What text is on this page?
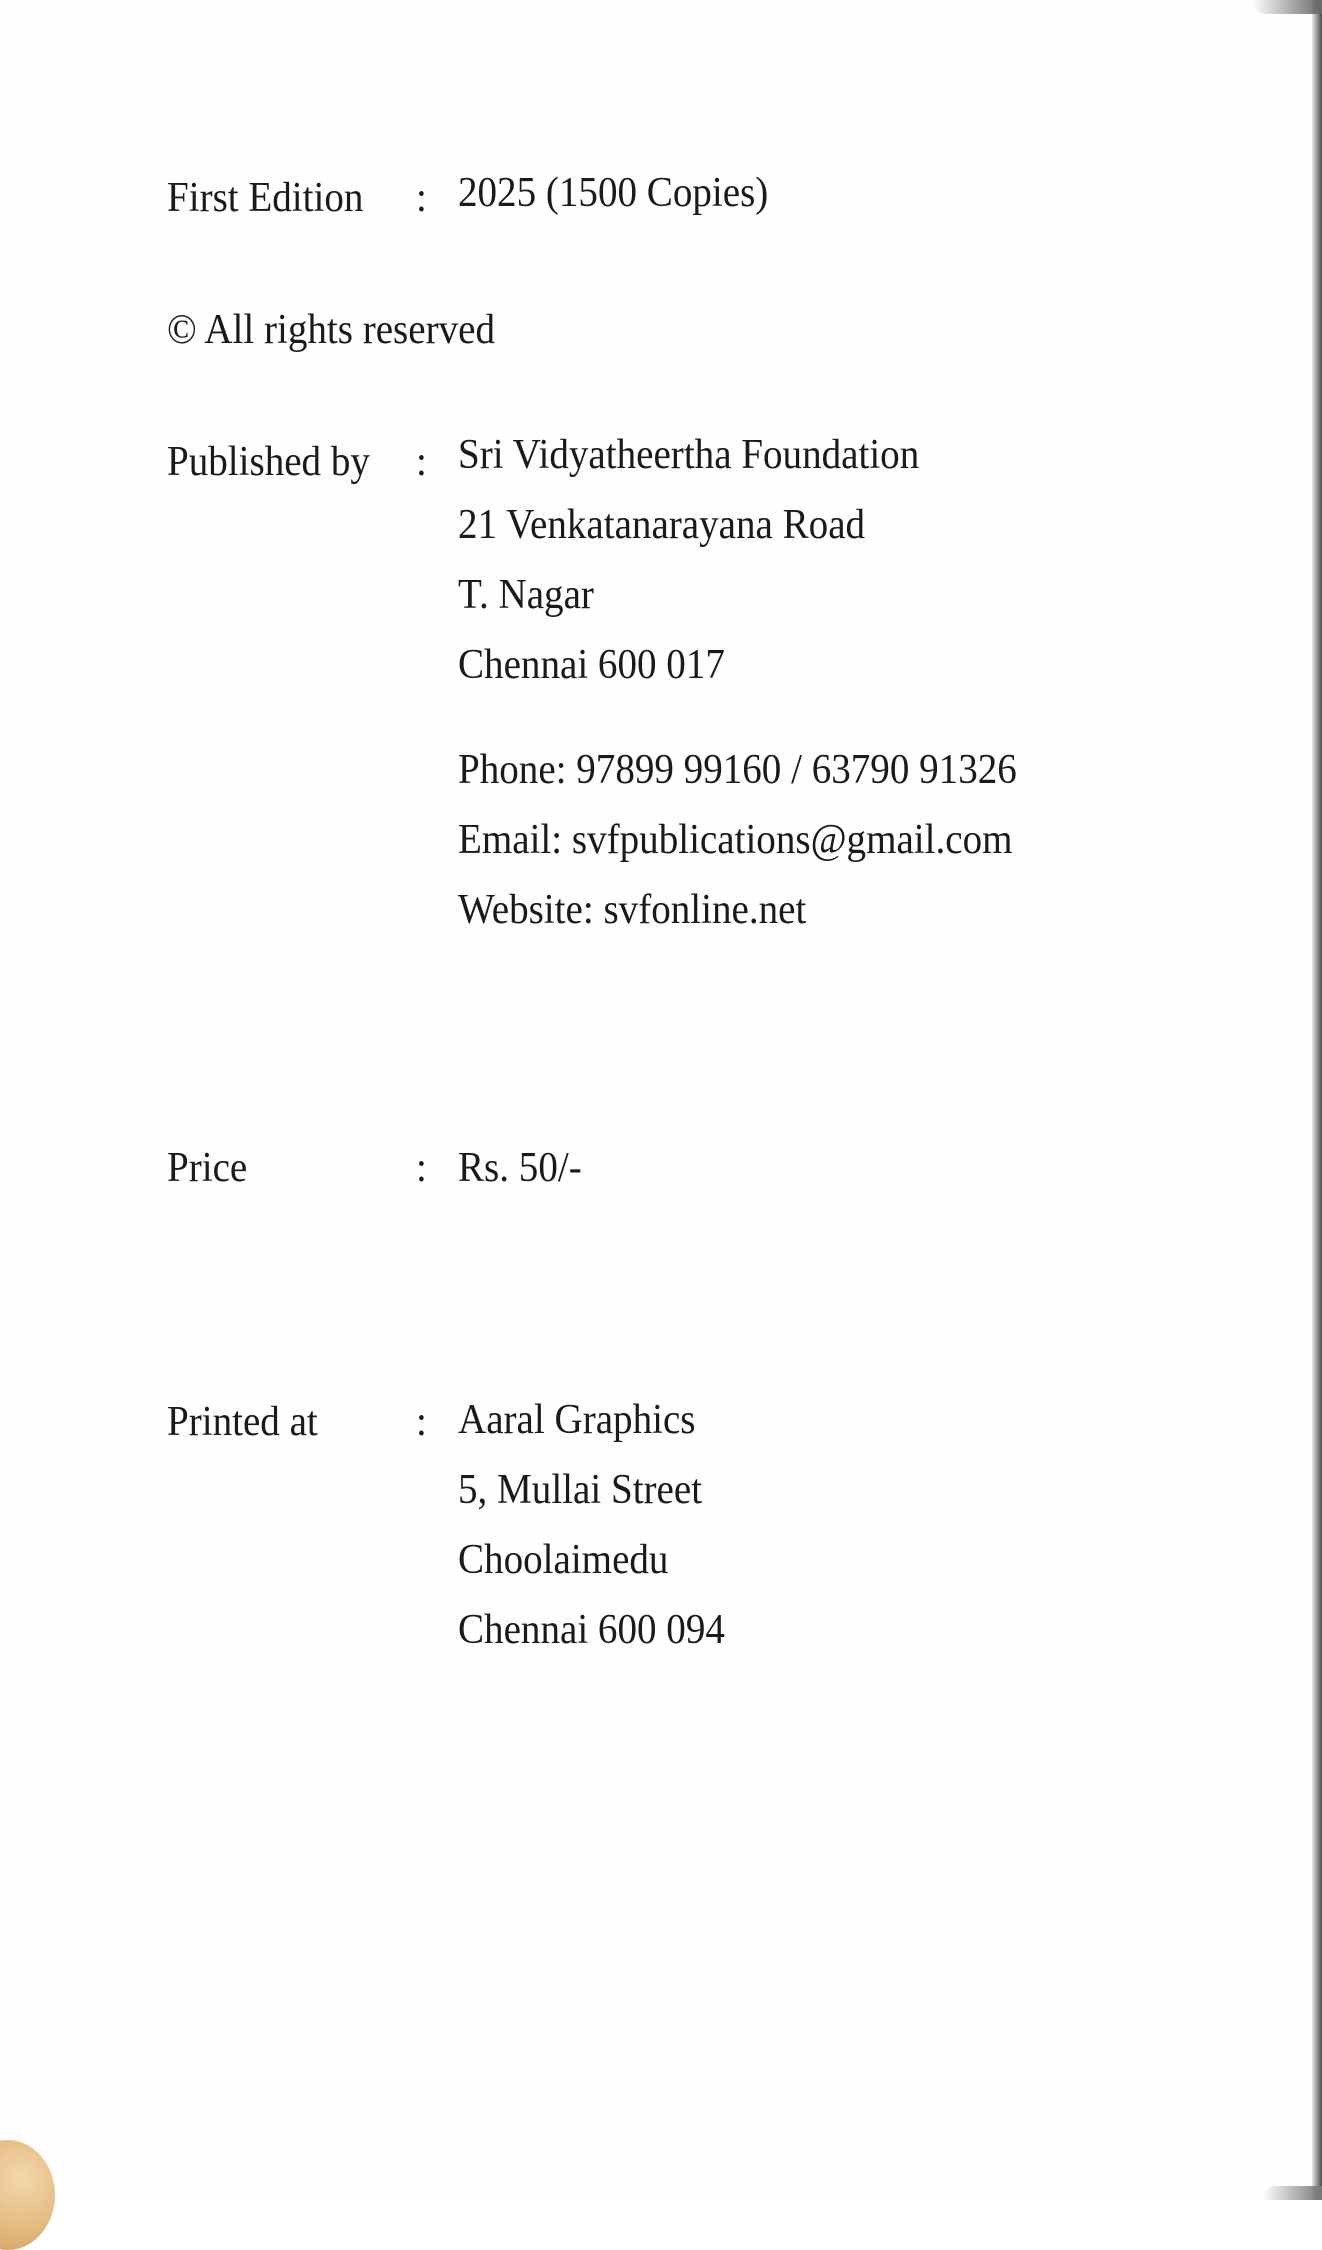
First Edition : 2025 (1500 Copies)
© All rights reserved
Published by : Sri Vidyatheertha Foundation
21 Venkatanarayana Road
T. Nagar
Chennai 600 017
Phone: 97899 99160 / 63790 91326
Email: svfpublications@gmail.com
Website: svfonline.net
Price	: Rs. 50/-
Printed at : Aaral Graphics
5, Mullai Street
Choolaimedu
Chennai 600 094
